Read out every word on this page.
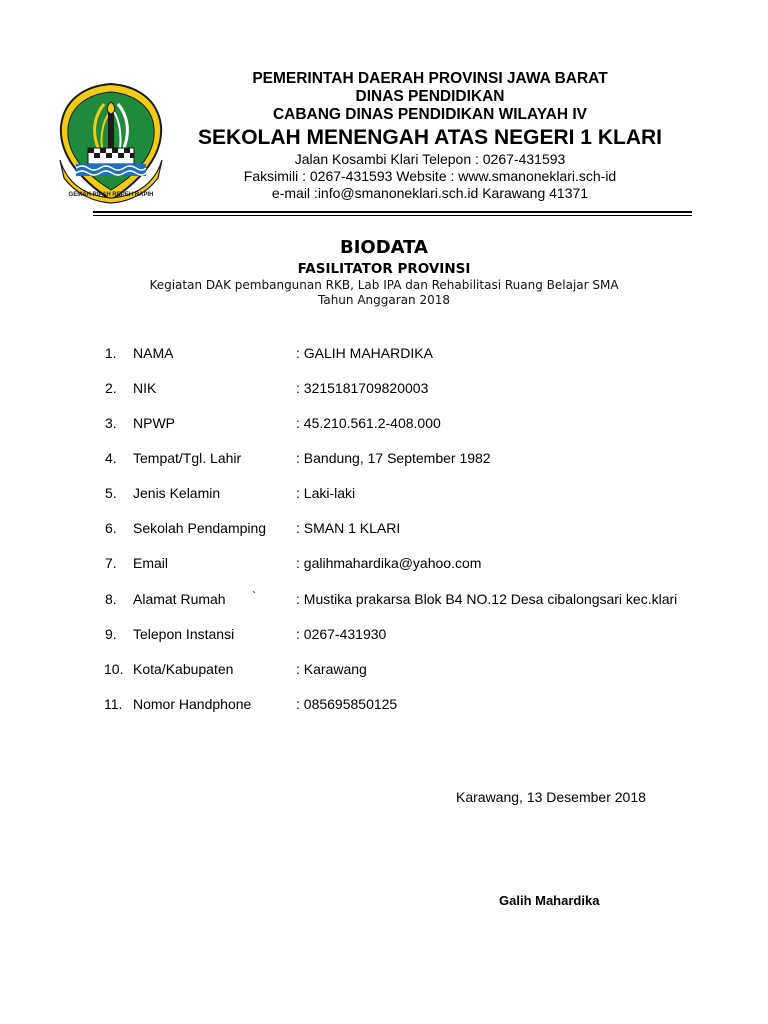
GEMAH RIPAH REPEH RAPIH
PEMERINTAH DAERAH PROVINSI JAWA BARAT
DINAS PENDIDIKAN
CABANG DINAS PENDIDIKAN WILAYAH IV
SEKOLAH MENENGAH ATAS NEGERI 1 KLARI
Jalan Kosambi Klari Telepon : 0267-431593
Faksimili : 0267-431593 Website : www.smanoneklari.sch-id
e-mail :info@smanoneklari.sch.id Karawang 41371
BIODATA
FASILITATOR PROVINSI
Kegiatan DAK pembangunan RKB, Lab IPA dan Rehabilitasi Ruang Belajar SMA
Tahun Anggaran 2018
1. NAMA	: GALIH MAHARDIKA
2. NIK	: 3215181709820003
3. NPWP	: 45.210.561.2-408.000
4. Tempat/Tgl. Lahir	: Bandung, 17 September 1982
5. Jenis Kelamin	: Laki-laki
6. Sekolah Pendamping : SMAN 1 KLARI
7. Email	: galihmahardika@yahoo.com
8. Alamat Rumah `	: Mustika prakarsa Blok B4 NO.12 Desa cibalongsari kec.klari
9. Telepon Instansi	: 0267-431930
10. Kota/Kabupaten	: Karawang
11. Nomor Handphone	: 085695850125
Karawang, 13 Desember 2018
Galih Mahardika
